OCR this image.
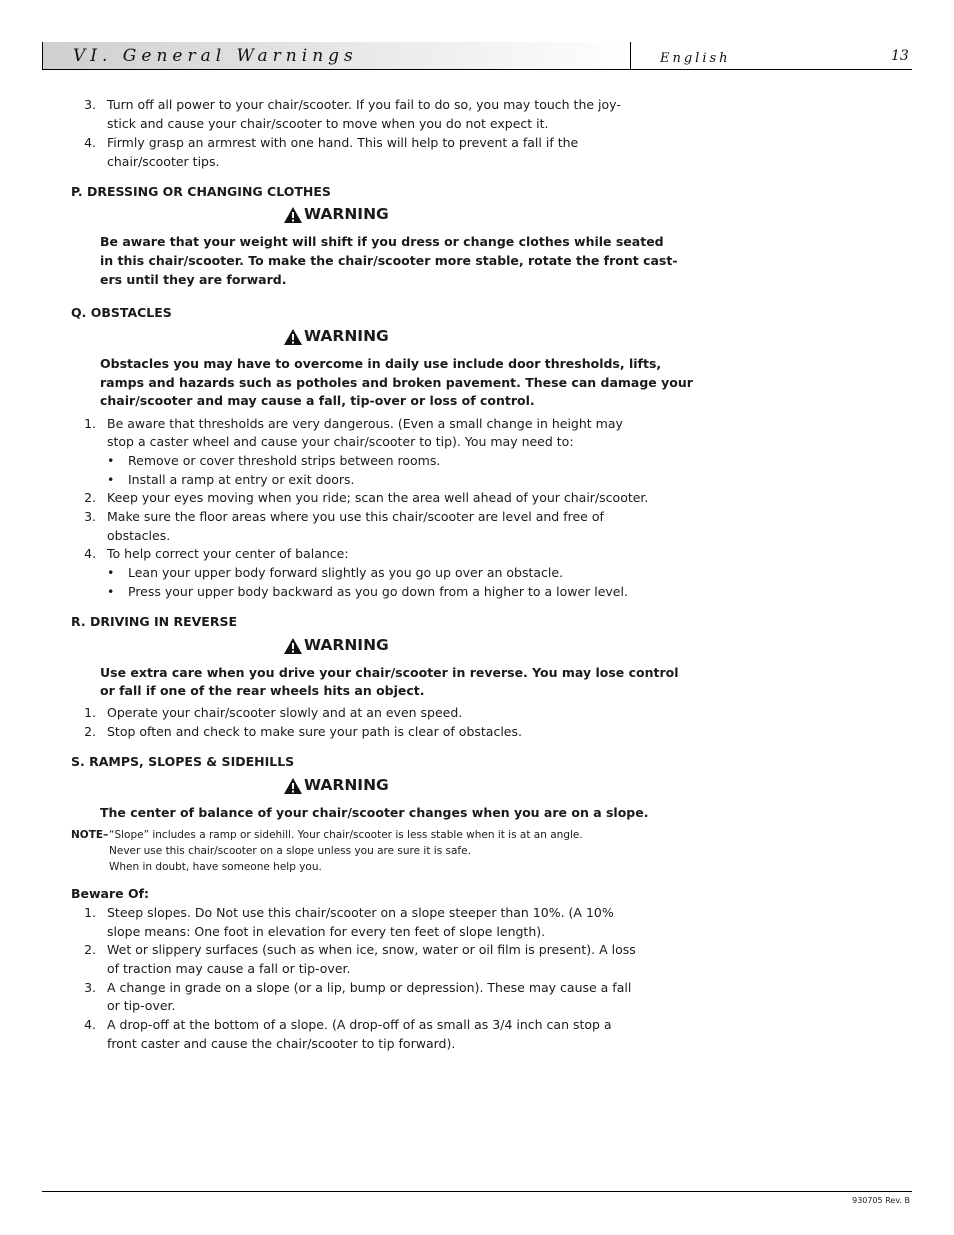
VI. General Warnings	English	13
3. Turn off all power to your chair/scooter. If you fail to do so, you may touch the joy-
stick and cause your chair/scooter to move when you do not expect it.
4. Firmly grasp an armrest with one hand. This will help to prevent a fall if the
chair/scooter tips.
P. DRESSING OR CHANGING CLOTHES
WARNING
Be aware that your weight will shift if you dress or change clothes while seated
in this chair/scooter. To make the chair/scooter more stable, rotate the front cast-
ers until they are forward.
Q. OBSTACLES
WARNING
Obstacles you may have to overcome in daily use include door thresholds, lifts,
ramps and hazards such as potholes and broken pavement. These can damage your
chair/scooter and may cause a fall, tip-over or loss of control.
1. Be aware that thresholds are very dangerous. (Even a small change in height may
stop a caster wheel and cause your chair/scooter to tip). You may need to:
• Remove or cover threshold strips between rooms.
• Install a ramp at entry or exit doors.
2. Keep your eyes moving when you ride; scan the area well ahead of your chair/scooter.
3. Make sure the floor areas where you use this chair/scooter are level and free of
obstacles.
4. To help correct your center of balance:
• Lean your upper body forward slightly as you go up over an obstacle.
• Press your upper body backward as you go down from a higher to a lower level.
R. DRIVING IN REVERSE
WARNING
Use extra care when you drive your chair/scooter in reverse. You may lose control
or fall if one of the rear wheels hits an object.
1. Operate your chair/scooter slowly and at an even speed.
2. Stop often and check to make sure your path is clear of obstacles.
S. RAMPS, SLOPES & SIDEHILLS
WARNING
The center of balance of your chair/scooter changes when you are on a slope.
NOTE– “Slope” includes a ramp or sidehill. Your chair/scooter is less stable when it is at an angle.
Never use this chair/scooter on a slope unless you are sure it is safe.
When in doubt, have someone help you.
Beware Of:
1. Steep slopes. Do Not use this chair/scooter on a slope steeper than 10%. (A 10%
slope means: One foot in elevation for every ten feet of slope length).
2. Wet or slippery surfaces (such as when ice, snow, water or oil film is present). A loss
of traction may cause a fall or tip-over.
3. A change in grade on a slope (or a lip, bump or depression). These may cause a fall
or tip-over.
4. A drop-off at the bottom of a slope. (A drop-off of as small as 3/4 inch can stop a
front caster and cause the chair/scooter to tip forward).
930705 Rev. B
